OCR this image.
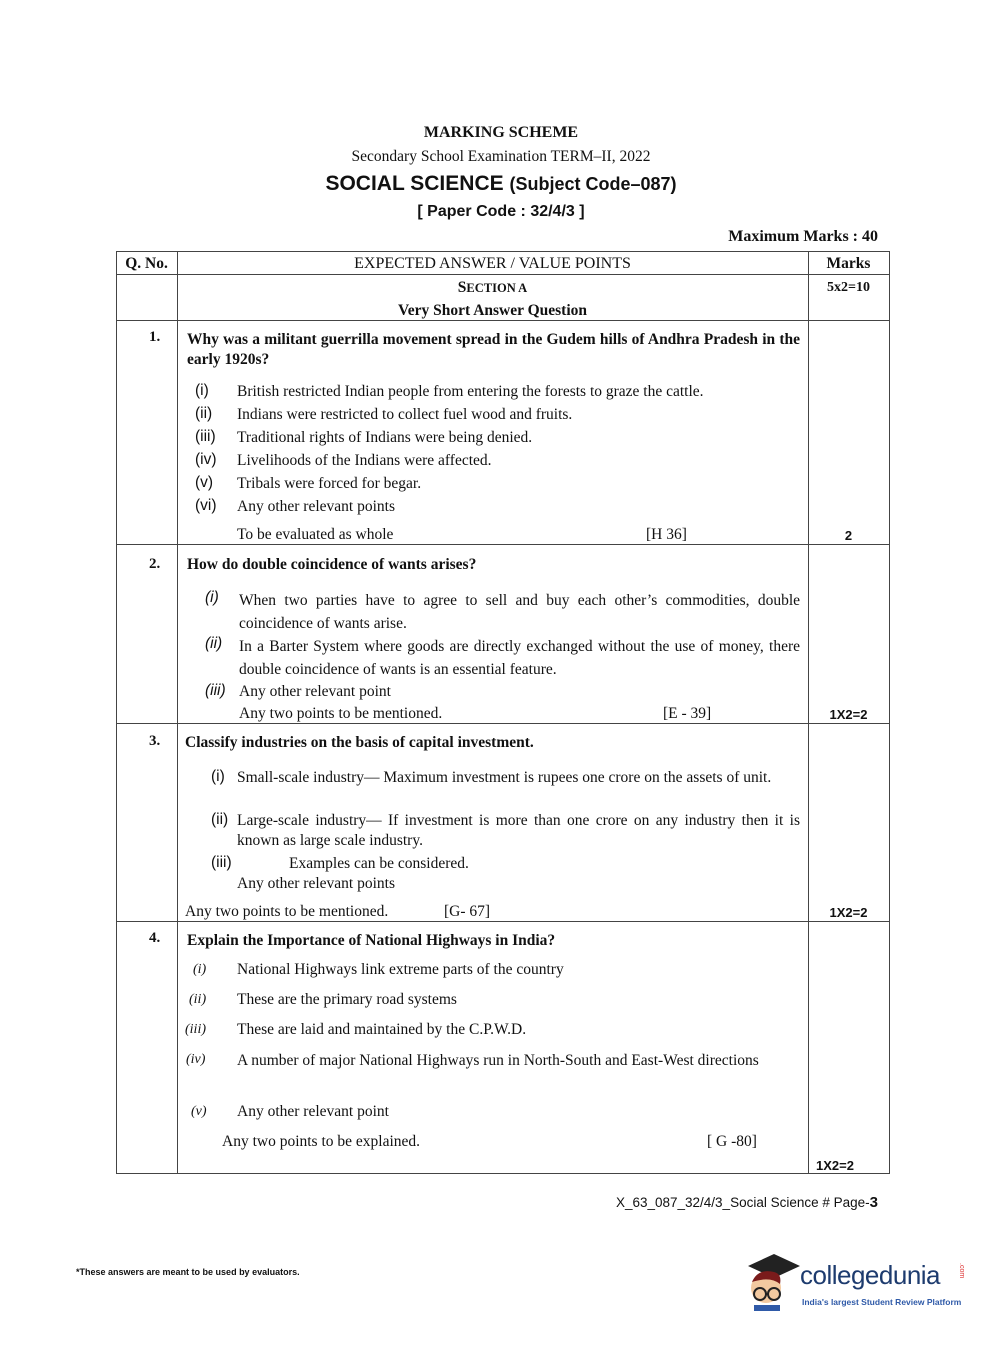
MARKING SCHEME
Secondary School Examination TERM–II, 2022
SOCIAL SCIENCE (Subject Code–087)
[ Paper Code : 32/4/3 ]
Maximum Marks : 40
Q. No.	EXPECTED ANSWER / VALUE POINTS	Marks
SECTION A
Very Short Answer Question
5x2=10
1. Why was a militant guerrilla movement spread in the Gudem hills of Andhra Pradesh in the early 1920s?
(i) British restricted Indian people from entering the forests to graze the cattle.
(ii) Indians were restricted to collect fuel wood and fruits.
(iii) Traditional rights of Indians were being denied.
(iv) Livelihoods of the Indians were affected.
(v) Tribals were forced for begar.
(vi) Any other relevant points
To be evaluated as whole	[H 36]	2
2. How do double coincidence of wants arises?
(i) When two parties have to agree to sell and buy each other’s commodities, double coincidence of wants arise.
(ii) In a Barter System where goods are directly exchanged without the use of money, there double coincidence of wants is an essential feature.
(iii) Any other relevant point
Any two points to be mentioned.	[E - 39]	1X2=2
3. Classify industries on the basis of capital investment.
(i) Small-scale industry— Maximum investment is rupees one crore on the assets of unit.
(ii) Large-scale industry— If investment is more than one crore on any industry then it is known as large scale industry.
(iii)	Examples can be considered.
Any other relevant points
Any two points to be mentioned.	[G- 67]	1X2=2
4. Explain the Importance of National Highways in India?
(i) National Highways link extreme parts of the country
(ii) These are the primary road systems
(iii) These are laid and maintained by the C.P.W.D.
(iv) A number of major National Highways run in North-South and East-West directions
(v) Any other relevant point
Any two points to be explained.	[ G -80]
1X2=2
X_63_087_32/4/3_Social Science # Page-3
*These answers are meant to be used by evaluators.	collegedunia	.com
India's largest Student Review Platform
